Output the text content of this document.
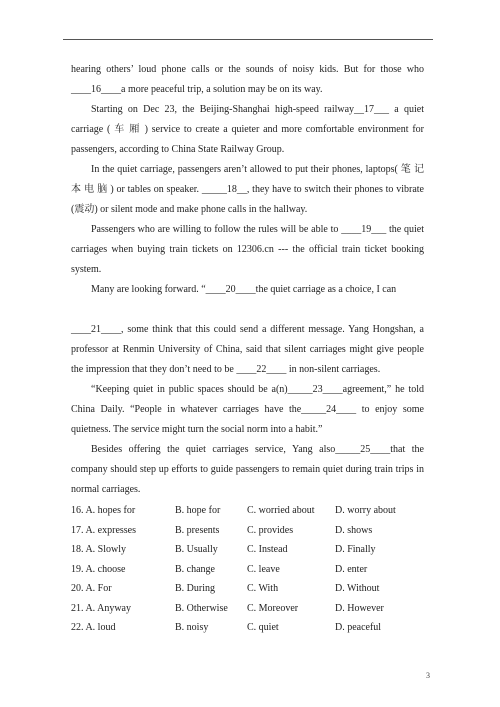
hearing others’ loud phone calls or the sounds of noisy kids. But for those who ____16____a more peaceful trip, a solution may be on its way.

Starting on Dec 23, the Beijing-Shanghai high-speed railway__17___ a quiet carriage ( 车 厢 ) service to create a quieter and more comfortable environment for passengers, according to China State Railway Group.

In the quiet carriage, passengers aren’t allowed to put their phones, laptops( 笔 记 本 电 脑 ) or tables on speaker. _____18__, they have to switch their phones to vibrate (震动) or silent mode and make phone calls in the hallway.

Passengers who are willing to follow the rules will be able to ____19___ the quiet carriages when buying train tickets on 12306.cn --- the official train ticket booking system.

Many are looking forward. “____20____the quiet carriage as a choice, I can

____21____, some think that this could send a different message. Yang Hongshan, a professor at Renmin University of China, said that silent carriages might give people the impression that they don’t need to be ____22____ in non-silent carriages.

“Keeping quiet in public spaces should be a(n)_____23____agreement,” he told China Daily. “People in whatever carriages have the_____24____ to enjoy some quietness. The service might turn the social norm into a habit.”

Besides offering the quiet carriages service, Yang also_____25____that the company should step up efforts to guide passengers to remain quiet during train trips in normal carriages.

16. A. hopes for	B. hope for	C. worried about	D. worry about
17. A. expresses	B. presents	C. provides	D. shows
18. A. Slowly	B. Usually	C. Instead	D. Finally
19. A. choose	B. change	C. leave	D. enter
20. A. For	B. During	C. With	D. Without
21. A. Anyway	B. Otherwise	C. Moreover	D. However
22. A. loud	B. noisy	C. quiet	D. peaceful
3
